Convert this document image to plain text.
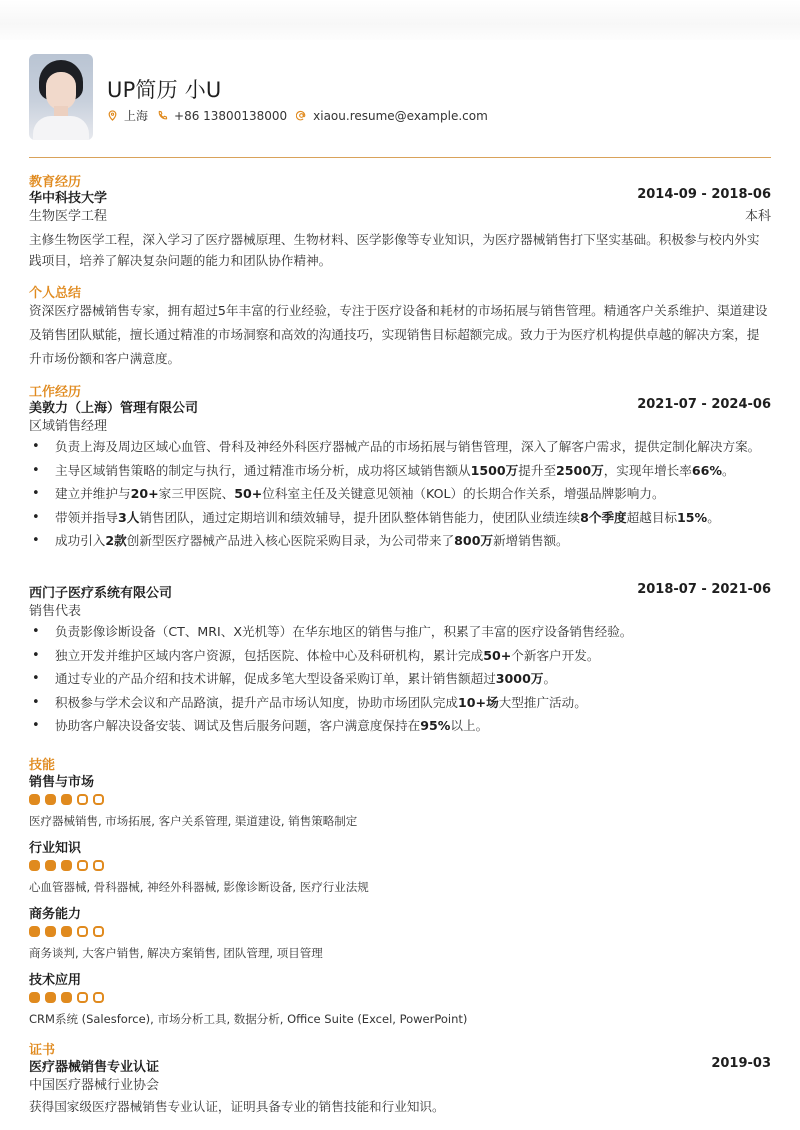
UP简历 小U
上海 +86 13800138000 xiaou.resume@example.com
教育经历
华中科技大学	2014-09 - 2018-06
生物医学工程	本科
主修生物医学工程，深入学习了医疗器械原理、生物材料、医学影像等专业知识，为医疗器械销售打下坚实基础。积极参与校内外实践项目，培养了解决复杂问题的能力和团队协作精神。
个人总结
资深医疗器械销售专家，拥有超过5年丰富的行业经验，专注于医疗设备和耗材的市场拓展与销售管理。精通客户关系维护、渠道建设及销售团队赋能，擅长通过精准的市场洞察和高效的沟通技巧，实现销售目标超额完成。致力于为医疗机构提供卓越的解决方案，提升市场份额和客户满意度。
工作经历
美敦力（上海）管理有限公司	2021-07 - 2024-06
区域销售经理
• 负责上海及周边区域心血管、骨科及神经外科医疗器械产品的市场拓展与销售管理，深入了解客户需求，提供定制化解决方案。
• 主导区域销售策略的制定与执行，通过精准市场分析，成功将区域销售额从1500万提升至2500万，实现年增长率66%。
• 建立并维护与20+家三甲医院、50+位科室主任及关键意见领袖（KOL）的长期合作关系，增强品牌影响力。
• 带领并指导3人销售团队，通过定期培训和绩效辅导，提升团队整体销售能力，使团队业绩连续8个季度超越目标15%。
• 成功引入2款创新型医疗器械产品进入核心医院采购目录，为公司带来了800万新增销售额。
西门子医疗系统有限公司	2018-07 - 2021-06
销售代表
• 负责影像诊断设备（CT、MRI、X光机等）在华东地区的销售与推广，积累了丰富的医疗设备销售经验。
• 独立开发并维护区域内客户资源，包括医院、体检中心及科研机构，累计完成50+个新客户开发。
• 通过专业的产品介绍和技术讲解，促成多笔大型设备采购订单，累计销售额超过3000万。
• 积极参与学术会议和产品路演，提升产品市场认知度，协助市场团队完成10+场大型推广活动。
• 协助客户解决设备安装、调试及售后服务问题，客户满意度保持在95%以上。
技能
销售与市场
医疗器械销售, 市场拓展, 客户关系管理, 渠道建设, 销售策略制定
行业知识
心血管器械, 骨科器械, 神经外科器械, 影像诊断设备, 医疗行业法规
商务能力
商务谈判, 大客户销售, 解决方案销售, 团队管理, 项目管理
技术应用
CRM系统 (Salesforce), 市场分析工具, 数据分析, Office Suite (Excel, PowerPoint)
证书
医疗器械销售专业认证	2019-03
中国医疗器械行业协会
获得国家级医疗器械销售专业认证，证明具备专业的销售技能和行业知识。
